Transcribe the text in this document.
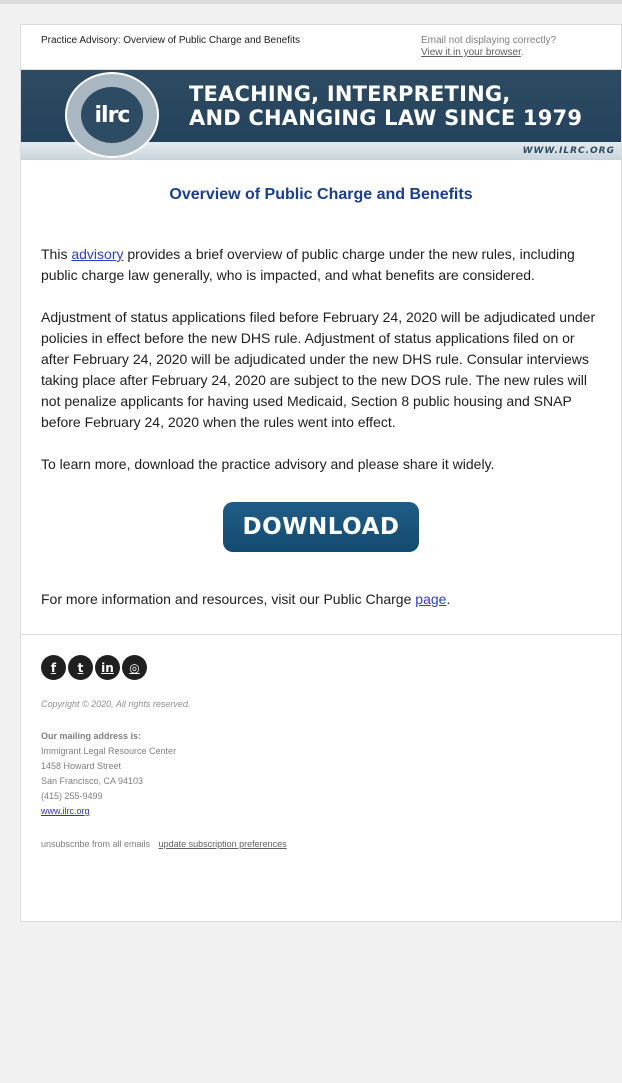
Practice Advisory: Overview of Public Charge and Benefits	Email not displaying correctly?
View it in your browser.
ilrc
TEACHING, INTERPRETING,
AND CHANGING LAW SINCE 1979
WWW.ILRC.ORG
Overview of Public Charge and Benefits

This advisory provides a brief overview of public charge under the new rules, including public charge law generally, who is impacted, and what benefits are considered.

Adjustment of status applications filed before February 24, 2020 will be adjudicated under policies in effect before the new DHS rule. Adjustment of status applications filed on or after February 24, 2020 will be adjudicated under the new DHS rule. Consular interviews taking place after February 24, 2020 are subject to the new DOS rule. The new rules will not penalize applicants for having used Medicaid, Section 8 public housing and SNAP before February 24, 2020 when the rules went into effect.

To learn more, download the practice advisory and please share it widely.

DOWNLOAD

For more information and resources, visit our Public Charge page.

f	t	in	◎
Copyright © 2020, All rights reserved.
Our mailing address is:
Immigrant Legal Resource Center
1458 Howard Street
San Francisco, CA 94103
(415) 255-9499
www.ilrc.org
unsubscribe from all emails update subscription preferences
